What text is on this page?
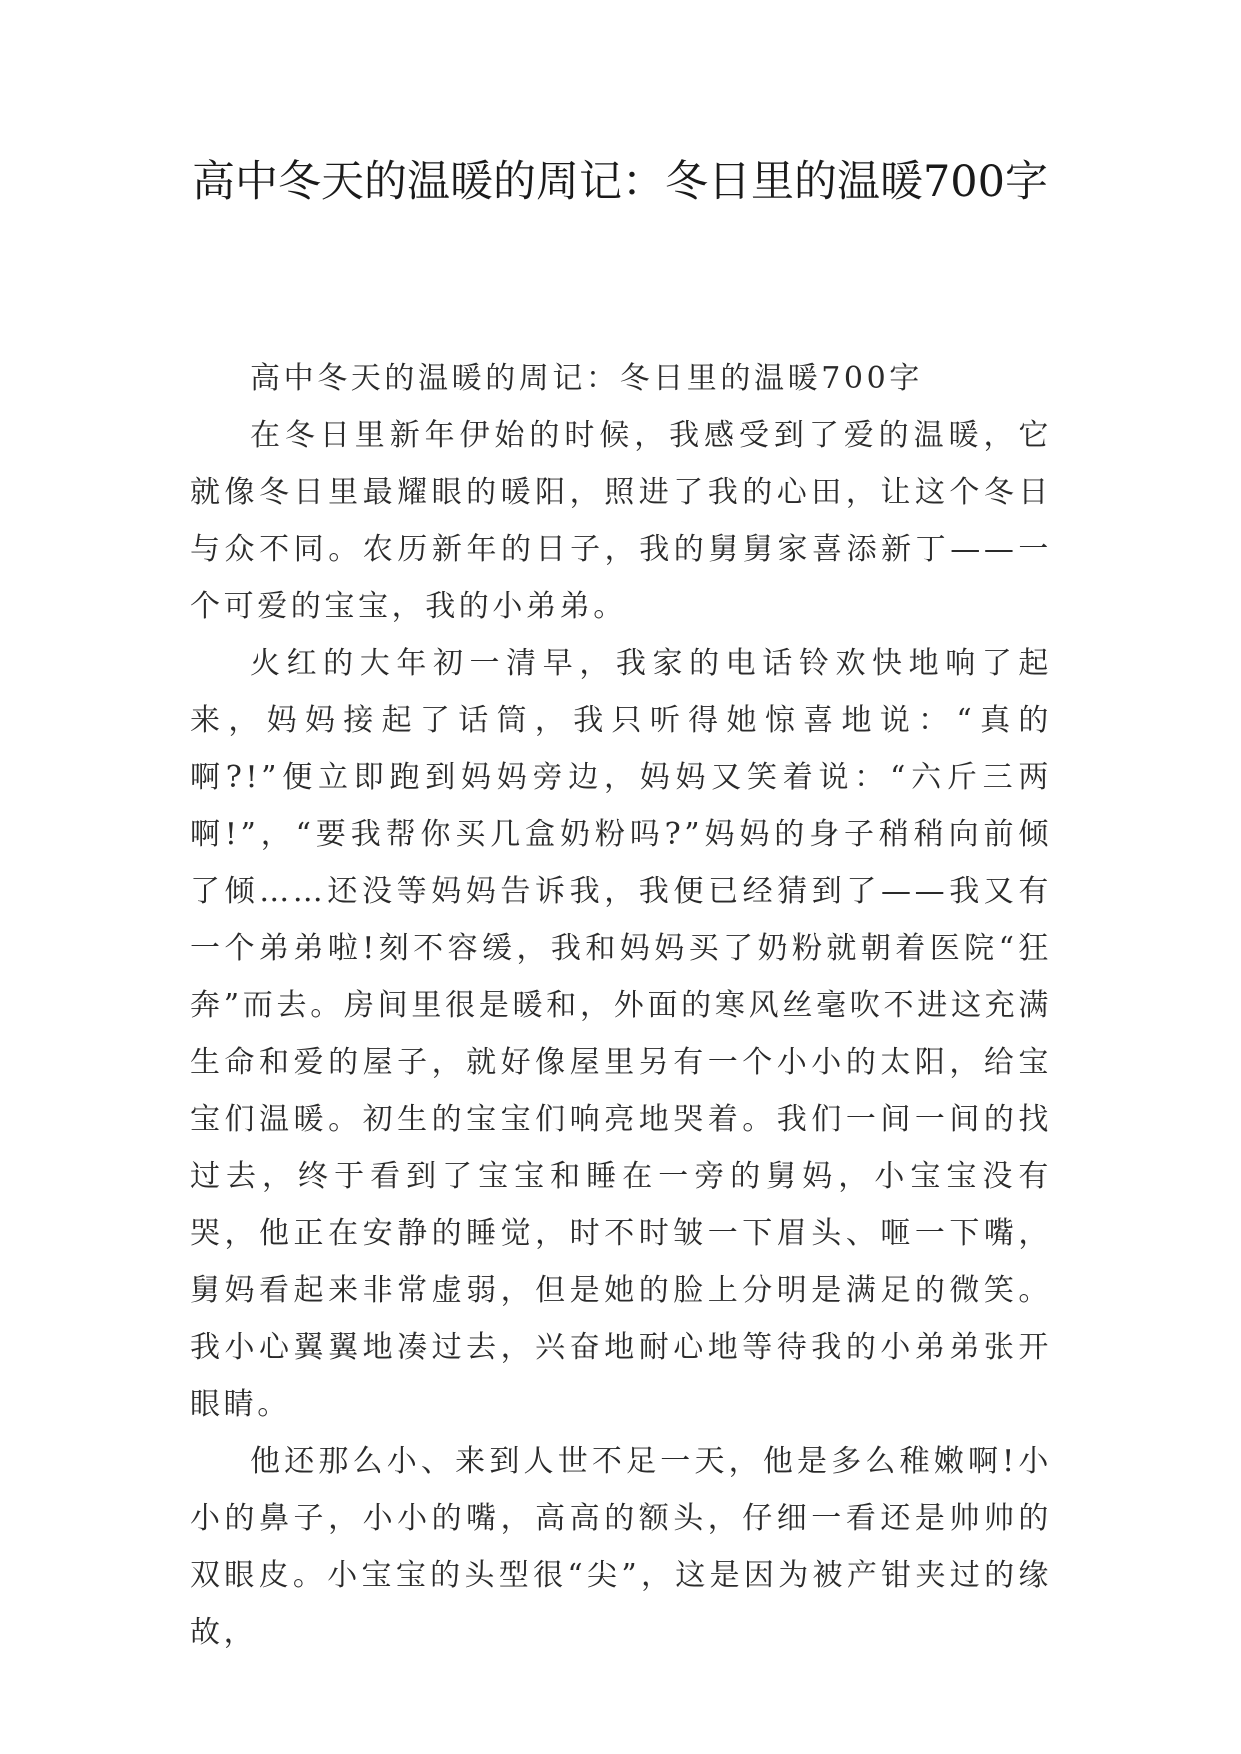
高中冬天的温暖的周记：冬日里的温暖700字

高中冬天的温暖的周记：冬日里的温暖700字

在冬日里新年伊始的时候，我感受到了爱的温暖，它就像冬日里最耀眼的暖阳，照进了我的心田，让这个冬日与众不同。农历新年的日子，我的舅舅家喜添新丁——一个可爱的宝宝，我的小弟弟。

火红的大年初一清早，我家的电话铃欢快地响了起来，妈妈接起了话筒，我只听得她惊喜地说：“真的啊?!”便立即跑到妈妈旁边，妈妈又笑着说：“六斤三两啊!”，“要我帮你买几盒奶粉吗?”妈妈的身子稍稍向前倾了倾……还没等妈妈告诉我，我便已经猜到了——我又有一个弟弟啦!刻不容缓，我和妈妈买了奶粉就朝着医院“狂奔”而去。房间里很是暖和，外面的寒风丝毫吹不进这充满生命和爱的屋子，就好像屋里另有一个小小的太阳，给宝宝们温暖。初生的宝宝们响亮地哭着。我们一间一间的找过去，终于看到了宝宝和睡在一旁的舅妈，小宝宝没有哭，他正在安静的睡觉，时不时皱一下眉头、咂一下嘴，舅妈看起来非常虚弱，但是她的脸上分明是满足的微笑。我小心翼翼地凑过去，兴奋地耐心地等待我的小弟弟张开眼睛。

他还那么小、来到人世不足一天，他是多么稚嫩啊!小小的鼻子，小小的嘴，高高的额头，仔细一看还是帅帅的双眼皮。小宝宝的头型很“尖”，这是因为被产钳夹过的缘故，
